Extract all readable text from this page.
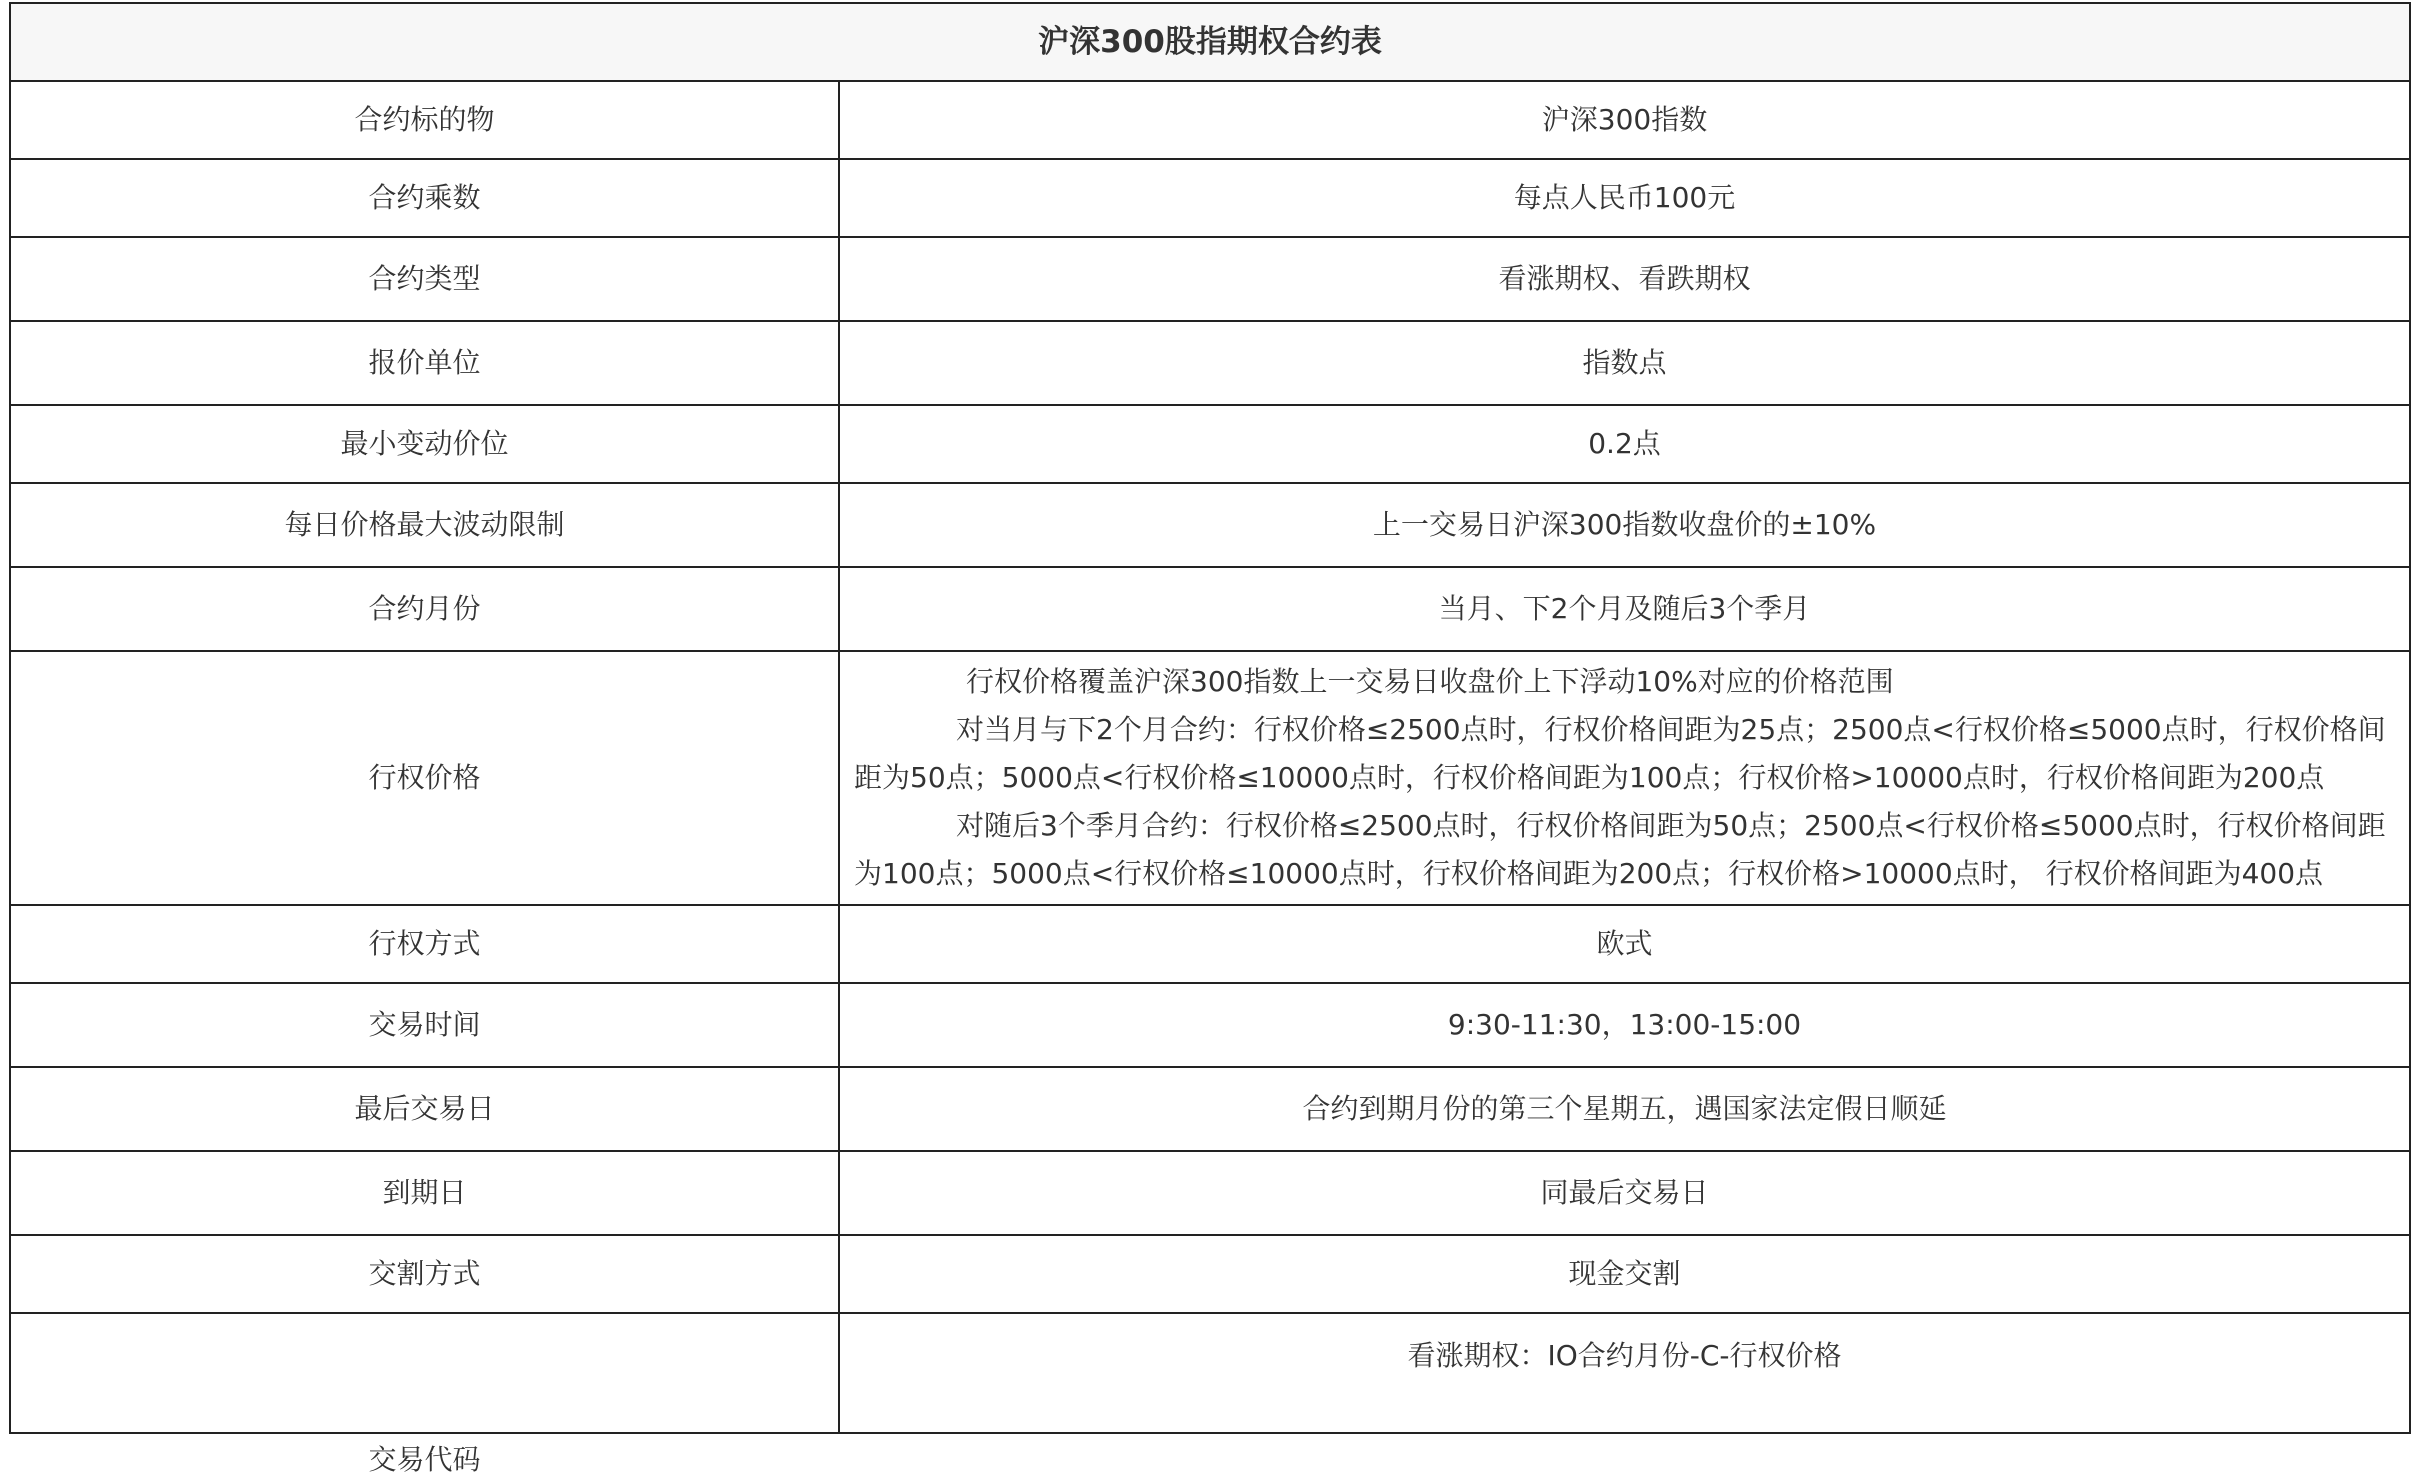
沪深300股指期权合约表	
合约标的物	沪深300指数
合约乘数	每点人民币100元
合约类型	看涨期权、看跌期权
报价单位	指数点
最小变动价位	0.2点
每日价格最大波动限制	上一交易日沪深300指数收盘价的±10%
合约月份	当月、下2个月及随后3个季月
行权价格	行权价格覆盖沪深300指数上一交易日收盘价上下浮动10%对应的价格范围

对当月与下2个月合约：行权价格≤2500点时，行权价格间距为25点；2500点<行权价格≤5000点时，行权价格间距为50点；5000点<行权价格≤10000点时，行权价格间距为100点；行权价格>10000点时，行权价格间距为200点

对随后3个季月合约：行权价格≤2500点时，行权价格间距为50点；2500点<行权价格≤5000点时，行权价格间距为100点；5000点<行权价格≤10000点时，行权价格间距为200点；行权价格>10000点时， 行权价格间距为400点

行权方式	欧式
交易时间	9:30-11:30，13:00-15:00
最后交易日	合约到期月份的第三个星期五，遇国家法定假日顺延
到期日	同最后交易日
交割方式	现金交割
交易代码	看涨期权：IO合约月份-C-行权价格
